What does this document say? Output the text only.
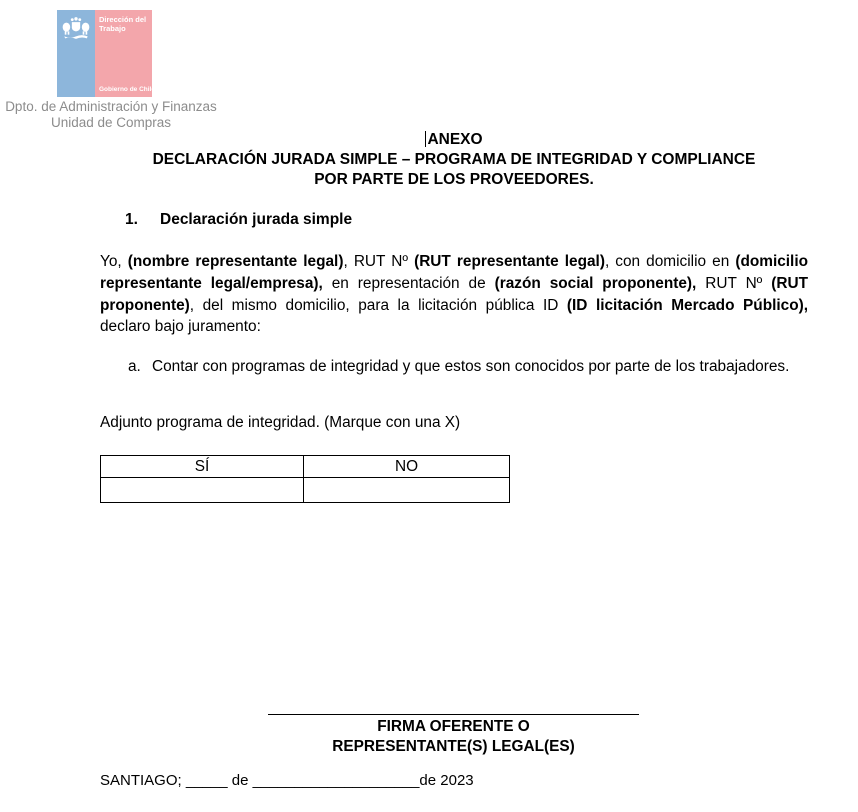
Dirección del
Trabajo
Gobierno de Chile
Dpto. de Administración y Finanzas
Unidad de Compras
ANEXO
DECLARACIÓN JURADA SIMPLE – PROGRAMA DE INTEGRIDAD Y COMPLIANCE
POR PARTE DE LOS PROVEEDORES.
1.	Declaración jurada simple
Yo, (nombre representante legal), RUT Nº (RUT representante legal), con domicilio en (domicilio representante legal/empresa), en representación de (razón social proponente), RUT Nº (RUT proponente), del mismo domicilio, para la licitación pública ID (ID licitación Mercado Público), declaro bajo juramento:
a. Contar con programas de integridad y que estos son conocidos por parte de los trabajadores.
Adjunto programa de integridad. (Marque con una X)
SÍ	NO

FIRMA OFERENTE O
REPRESENTANTE(S) LEGAL(ES)
SANTIAGO; _____ de ____________________de 2023
